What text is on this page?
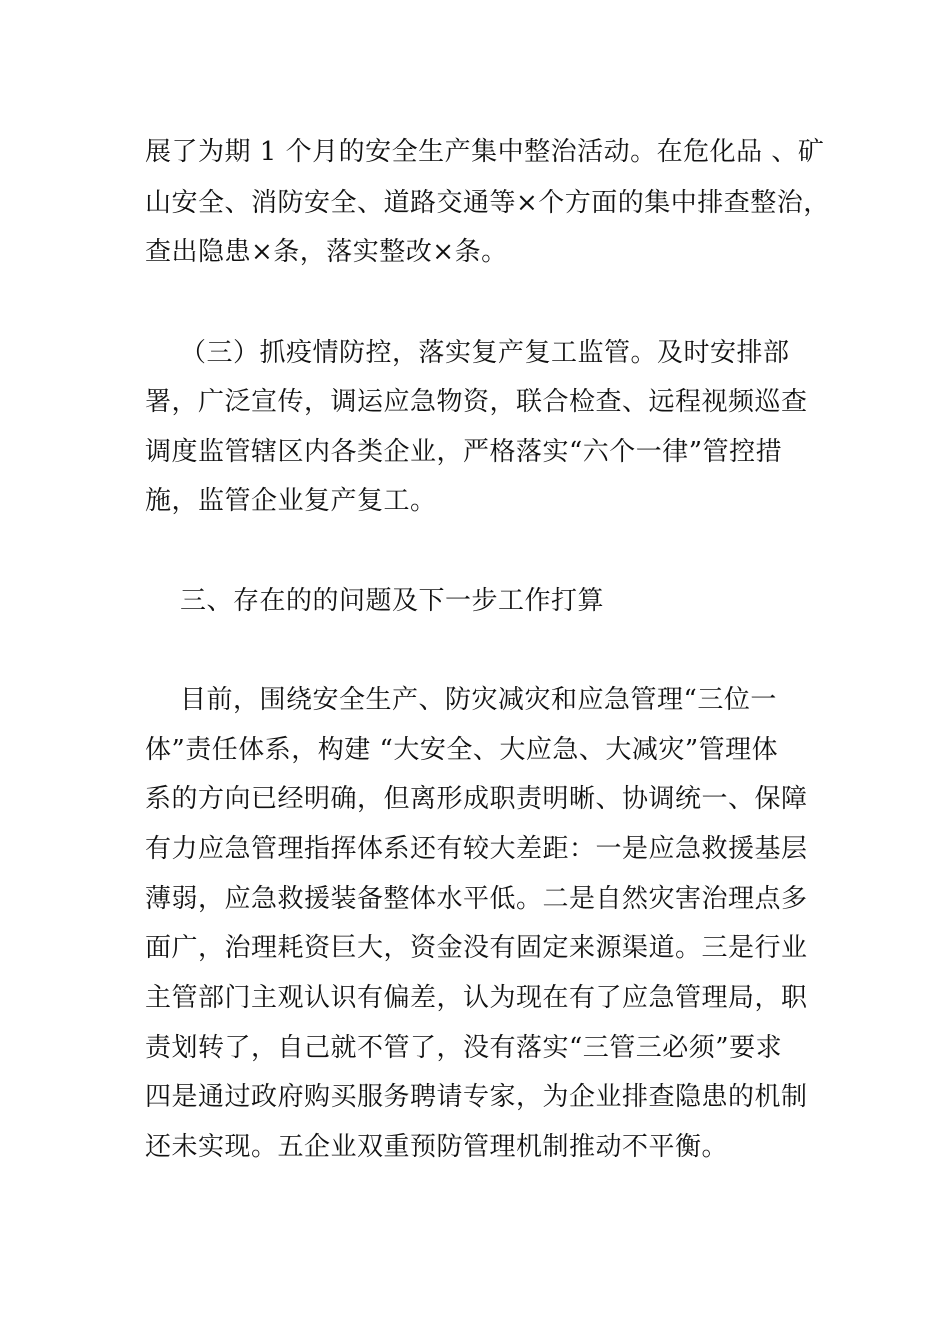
展了为期 1 个月的安全生产集中整治活动。在危化品 、矿
山安全、消防安全、道路交通等×个方面的集中排查整治，
查出隐患×条，落实整改×条。
（三）抓疫情防控，落实复产复工监管。及时安排部
署，广泛宣传，调运应急物资，联合检查、远程视频巡查
调度监管辖区内各类企业，严格落实“六个一律”管控措
施，监管企业复产复工。
三、存在的的问题及下一步工作打算
目前，围绕安全生产、防灾减灾和应急管理“三位一
体”责任体系，构建 “大安全、大应急、大减灾”管理体
系的方向已经明确，但离形成职责明晰、协调统一、保障
有力应急管理指挥体系还有较大差距：一是应急救援基层
薄弱，应急救援装备整体水平低。二是自然灾害治理点多
面广，治理耗资巨大，资金没有固定来源渠道。三是行业
主管部门主观认识有偏差，认为现在有了应急管理局，职
责划转了，自己就不管了，没有落实“三管三必须”要求
四是通过政府购买服务聘请专家，为企业排查隐患的机制
还未实现。五企业双重预防管理机制推动不平衡。
